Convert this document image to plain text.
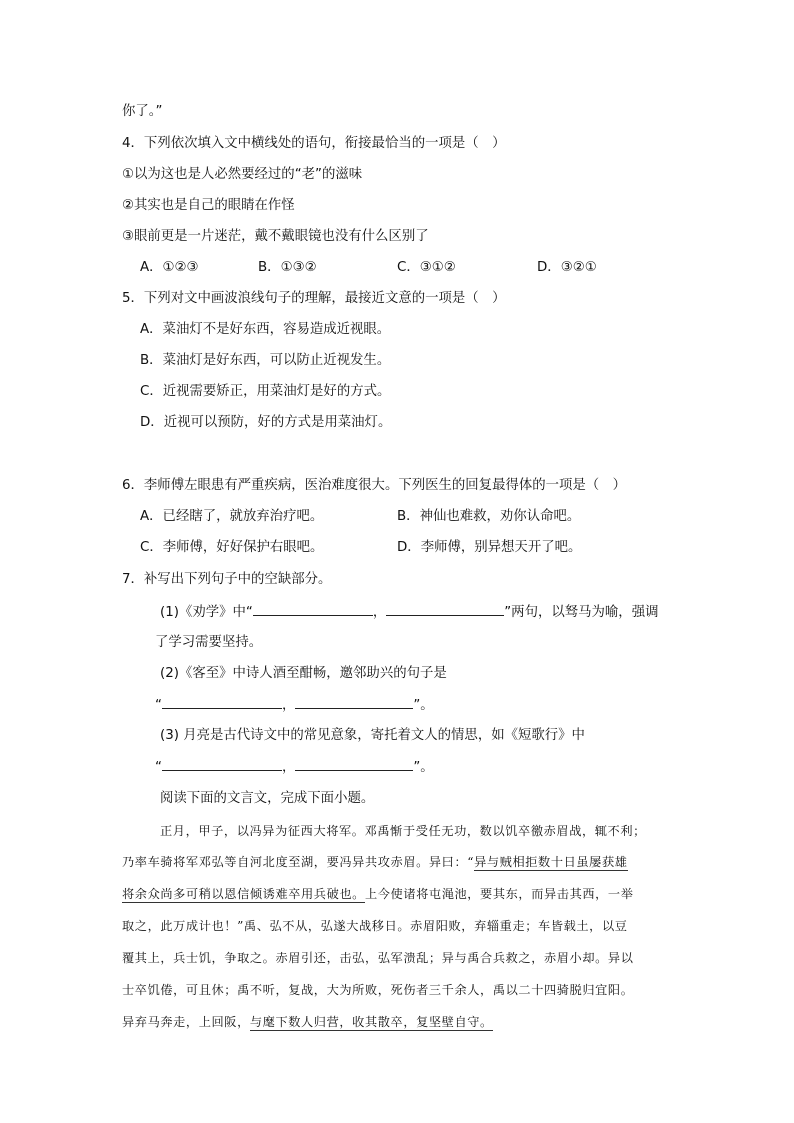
你了。”
4．下列依次填入文中横线处的语句，衔接最恰当的一项是（　）
①以为这也是人必然要经过的“老”的滋味
②其实也是自己的眼睛在作怪
③眼前更是一片迷茫，戴不戴眼镜也没有什么区别了
A．①②③	B．①③②	C．③①②	D．③②①
5．下列对文中画波浪线句子的理解，最接近文意的一项是（　）
A．菜油灯不是好东西，容易造成近视眼。
B．菜油灯是好东西，可以防止近视发生。
C．近视需要矫正，用菜油灯是好的方式。
D．近视可以预防，好的方式是用菜油灯。
6．李师傅左眼患有严重疾病，医治难度很大。下列医生的回复最得体的一项是（　）
A．已经瞎了，就放弃治疗吧。	B．神仙也难救，劝你认命吧。
C．李师傅，好好保护右眼吧。	D．李师傅，别异想天开了吧。
7．补写出下列句子中的空缺部分。
(1)《劝学》中“	，	”两句，以驽马为喻，强调
了学习需要坚持。
(2)《客至》中诗人酒至酣畅，邀邻助兴的句子是
“	，	”。
(3) 月亮是古代诗文中的常见意象，寄托着文人的情思，如《短歌行》中
“	，	”。
阅读下面的文言文，完成下面小题。
正月，甲子，以冯异为征西大将军。邓禹惭于受任无功，数以饥卒徼赤眉战，辄不利；
乃率车骑将军邓弘等自河北度至湖，要冯异共攻赤眉。异曰：“异与贼相拒数十日虽屡获雄
将余众尚多可稍以恩信倾诱难卒用兵破也。上今使诸将屯渑池，要其东，而异击其西，一举
取之，此万成计也！”禹、弘不从，弘遂大战移日。赤眉阳败，弃辎重走；车皆载土，以豆
覆其上，兵士饥，争取之。赤眉引还，击弘，弘军溃乱；异与禹合兵救之，赤眉小却。异以
士卒饥倦，可且休；禹不听，复战，大为所败，死伤者三千余人，禹以二十四骑脱归宜阳。
异弃马奔走，上回阪，与麾下数人归营，收其散卒，复坚壁自守。
